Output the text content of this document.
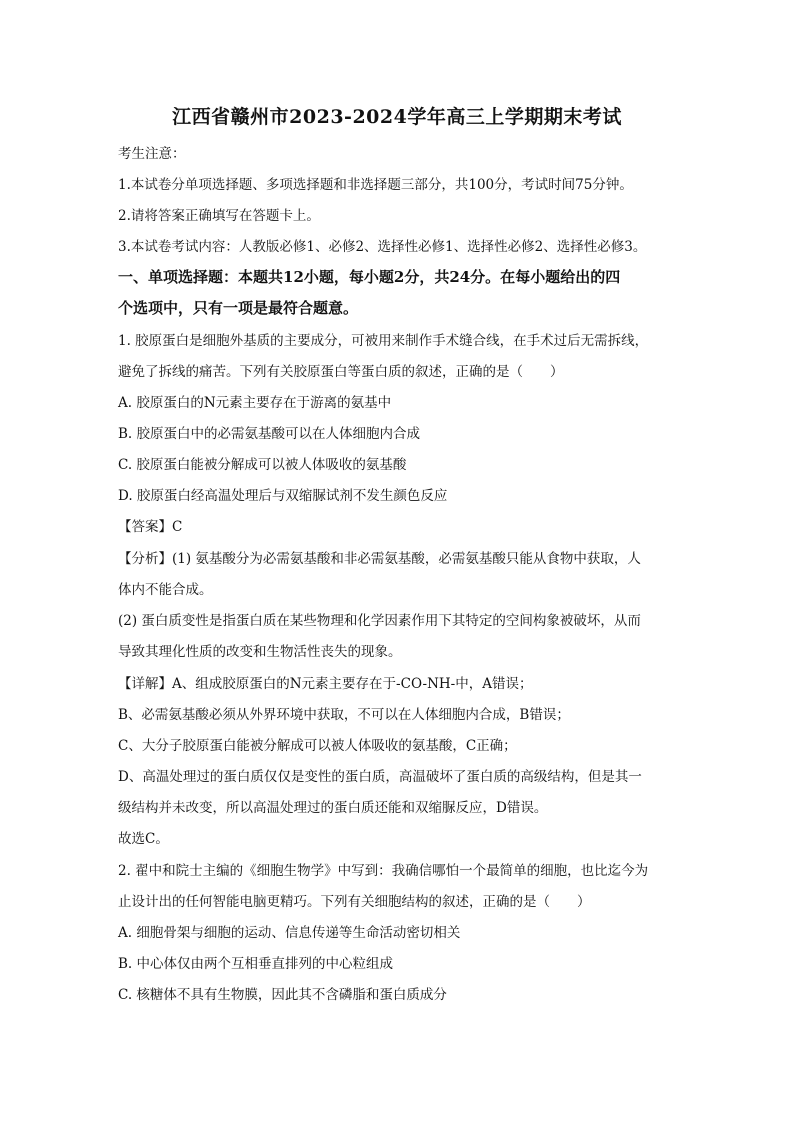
江西省赣州市2023-2024学年高三上学期期末考试
考生注意：
1.本试卷分单项选择题、多项选择题和非选择题三部分，共100分，考试时间75分钟。
2.请将答案正确填写在答题卡上。
3.本试卷考试内容：人教版必修1、必修2、选择性必修1、选择性必修2、选择性必修3。
一、单项选择题：本题共12小题，每小题2分，共24分。在每小题给出的四
个选项中，只有一项是最符合题意。
1. 胶原蛋白是细胞外基质的主要成分，可被用来制作手术缝合线，在手术过后无需拆线，
避免了拆线的痛苦。下列有关胶原蛋白等蛋白质的叙述，正确的是（　　）
A. 胶原蛋白的N元素主要存在于游离的氨基中
B. 胶原蛋白中的必需氨基酸可以在人体细胞内合成
C. 胶原蛋白能被分解成可以被人体吸收的氨基酸
D. 胶原蛋白经高温处理后与双缩脲试剂不发生颜色反应
【答案】C
【分析】(1) 氨基酸分为必需氨基酸和非必需氨基酸，必需氨基酸只能从食物中获取，人
体内不能合成。
(2) 蛋白质变性是指蛋白质在某些物理和化学因素作用下其特定的空间构象被破坏，从而
导致其理化性质的改变和生物活性丧失的现象。
【详解】A、组成胶原蛋白的N元素主要存在于-CO-NH-中，A错误；
B、必需氨基酸必须从外界环境中获取，不可以在人体细胞内合成，B错误；
C、大分子胶原蛋白能被分解成可以被人体吸收的氨基酸，C正确；
D、高温处理过的蛋白质仅仅是变性的蛋白质，高温破坏了蛋白质的高级结构，但是其一
级结构并未改变，所以高温处理过的蛋白质还能和双缩脲反应，D错误。
故选C。
2. 翟中和院士主编的《细胞生物学》中写到：我确信哪怕一个最简单的细胞，也比迄今为
止设计出的任何智能电脑更精巧。下列有关细胞结构的叙述，正确的是（　　）
A. 细胞骨架与细胞的运动、信息传递等生命活动密切相关
B. 中心体仅由两个互相垂直排列的中心粒组成
C. 核糖体不具有生物膜，因此其不含磷脂和蛋白质成分
